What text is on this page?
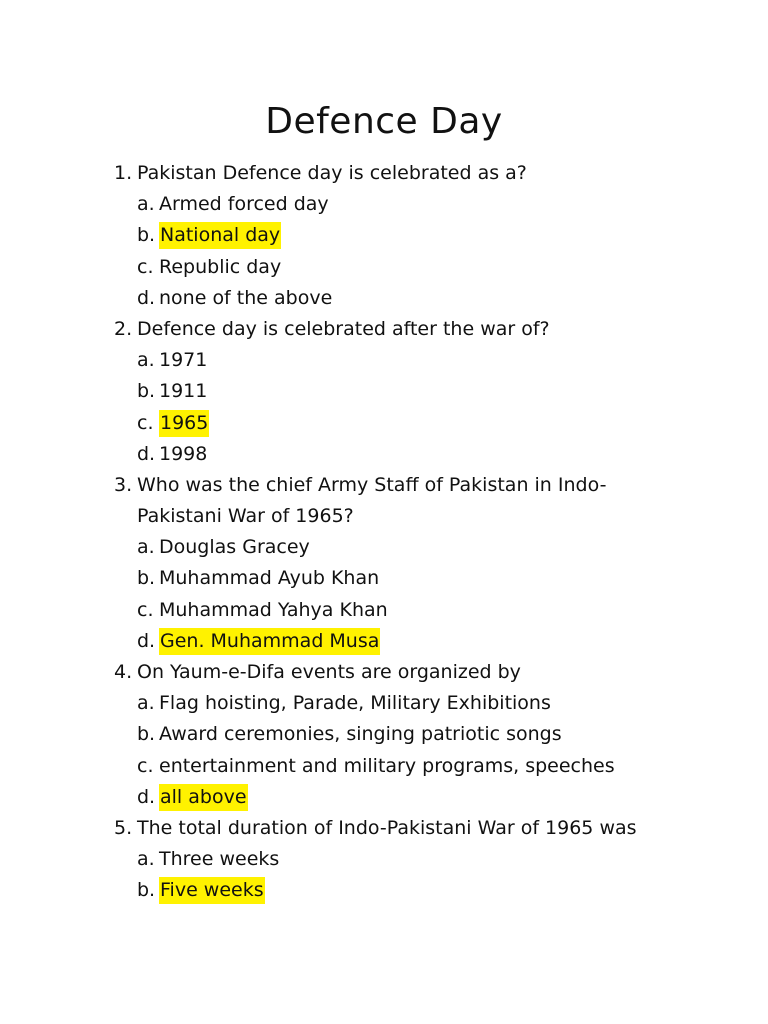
Defence Day
1. Pakistan Defence day is celebrated as a?
a. Armed forced day
b. National day
c. Republic day
d. none of the above
2. Defence day is celebrated after the war of?
a. 1971
b. 1911
c. 1965
d. 1998
3. Who was the chief Army Staff of Pakistan in Indo-
Pakistani War of 1965?
a. Douglas Gracey
b. Muhammad Ayub Khan
c. Muhammad Yahya Khan
d. Gen. Muhammad Musa
4. On Yaum-e-Difa events are organized by
a. Flag hoisting, Parade, Military Exhibitions
b. Award ceremonies, singing patriotic songs
c. entertainment and military programs, speeches
d. all above
5. The total duration of Indo-Pakistani War of 1965 was
a. Three weeks
b. Five weeks
